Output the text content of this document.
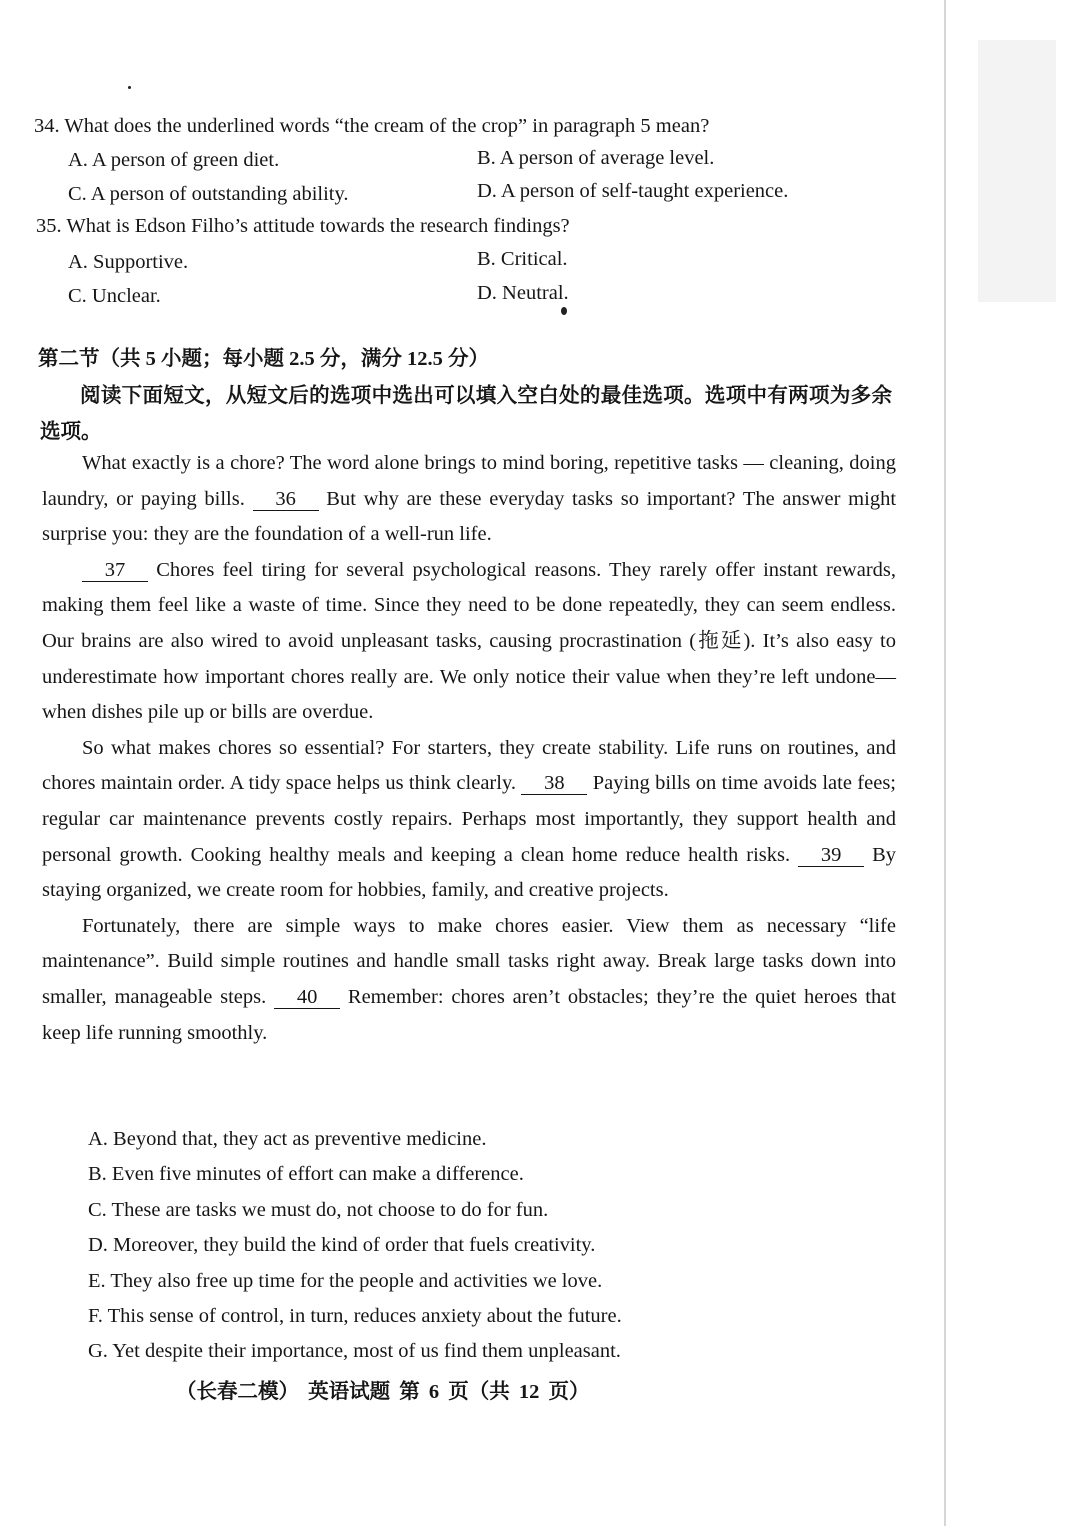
34. What does the underlined words “the cream of the crop” in paragraph 5 mean?
A. A person of green diet.	B. A person of average level.
C. A person of outstanding ability.	D. A person of self-taught experience.
35. What is Edson Filho’s attitude towards the research findings?
A. Supportive.	B. Critical.
C. Unclear.	D. Neutral.
第二节（共 5 小题；每小题 2.5 分，满分 12.5 分）
阅读下面短文，从短文后的选项中选出可以填入空白处的最佳选项。选项中有两项为多余选项。

What exactly is a chore? The word alone brings to mind boring, repetitive tasks — cleaning, doing laundry, or paying bills. 36 But why are these everyday tasks so important? The answer might surprise you: they are the foundation of a well-run life.

37 Chores feel tiring for several psychological reasons. They rarely offer instant rewards, making them feel like a waste of time. Since they need to be done repeatedly, they can seem endless. Our brains are also wired to avoid unpleasant tasks, causing procrastination (拖延). It’s also easy to underestimate how important chores really are. We only notice their value when they’re left undone—when dishes pile up or bills are overdue.

So what makes chores so essential? For starters, they create stability. Life runs on routines, and chores maintain order. A tidy space helps us think clearly. 38 Paying bills on time avoids late fees; regular car maintenance prevents costly repairs. Perhaps most importantly, they support health and personal growth. Cooking healthy meals and keeping a clean home reduce health risks. 39 By staying organized, we create room for hobbies, family, and creative projects.

Fortunately, there are simple ways to make chores easier. View them as necessary “life maintenance”. Build simple routines and handle small tasks right away. Break large tasks down into smaller, manageable steps. 40 Remember: chores aren’t obstacles; they’re the quiet heroes that keep life running smoothly.

A. Beyond that, they act as preventive medicine.
B. Even five minutes of effort can make a difference.
C. These are tasks we must do, not choose to do for fun.
D. Moreover, they build the kind of order that fuels creativity.
E. They also free up time for the people and activities we love.
F. This sense of control, in turn, reduces anxiety about the future.
G. Yet despite their importance, most of us find them unpleasant.
（长春二模） 英语试题 第 6 页（共 12 页）
